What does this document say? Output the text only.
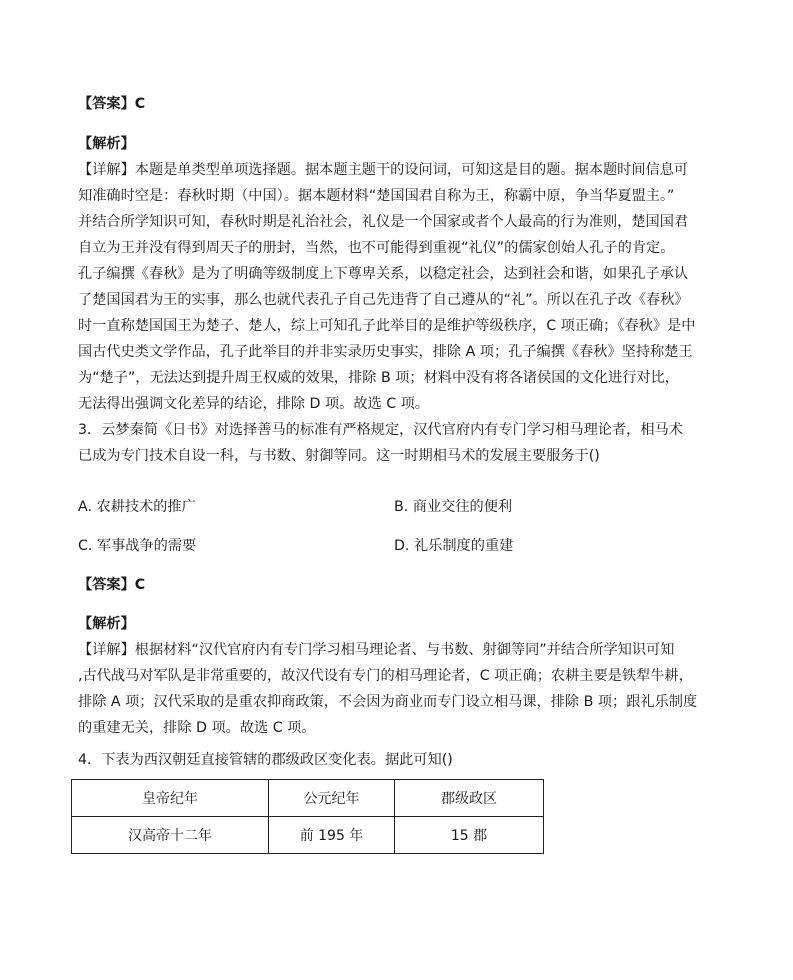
【答案】C
【解析】
【详解】本题是单类型单项选择题。据本题主题干的设问词，可知这是目的题。据本题时间信息可
知准确时空是：春秋时期（中国）。据本题材料“楚国国君自称为王，称霸中原，争当华夏盟主。”
并结合所学知识可知，春秋时期是礼治社会，礼仪是一个国家或者个人最高的行为准则，楚国国君
自立为王并没有得到周天子的册封，当然，也不可能得到重视“礼仪”的儒家创始人孔子的肯定。
孔子编撰《春秋》是为了明确等级制度上下尊卑关系，以稳定社会，达到社会和谐，如果孔子承认
了楚国国君为王的实事，那么也就代表孔子自己先违背了自己遵从的“礼”。所以在孔子改《春秋》
时一直称楚国国王为楚子、楚人，综上可知孔子此举目的是维护等级秩序，C 项正确；《春秋》是中
国古代史类文学作品，孔子此举目的并非实录历史事实，排除 A 项；孔子编撰《春秋》坚持称楚王
为“楚子”，无法达到提升周王权威的效果，排除 B 项；材料中没有将各诸侯国的文化进行对比，
无法得出强调文化差异的结论，排除 D 项。故选 C 项。
3．云梦秦简《日书》对选择善马的标准有严格规定，汉代官府内有专门学习相马理论者，相马术
已成为专门技术自设一科，与书数、射御等同。这一时期相马术的发展主要服务于()
A. 农耕技术的推广	B. 商业交往的便利
C. 军事战争的需要	D. 礼乐制度的重建
【答案】C
【解析】
【详解】根据材料“汉代官府内有专门学习相马理论者、与书数、射御等同”并结合所学知识可知
,古代战马对军队是非常重要的，故汉代设有专门的相马理论者，C 项正确；农耕主要是铁犁牛耕，
排除 A 项；汉代采取的是重农抑商政策，不会因为商业而专门设立相马课，排除 B 项；跟礼乐制度
的重建无关，排除 D 项。故选 C 项。
4．下表为西汉朝廷直接管辖的郡级政区变化表。据此可知()
皇帝纪年	公元纪年	郡级政区
汉高帝十二年	前 195 年	15 郡
